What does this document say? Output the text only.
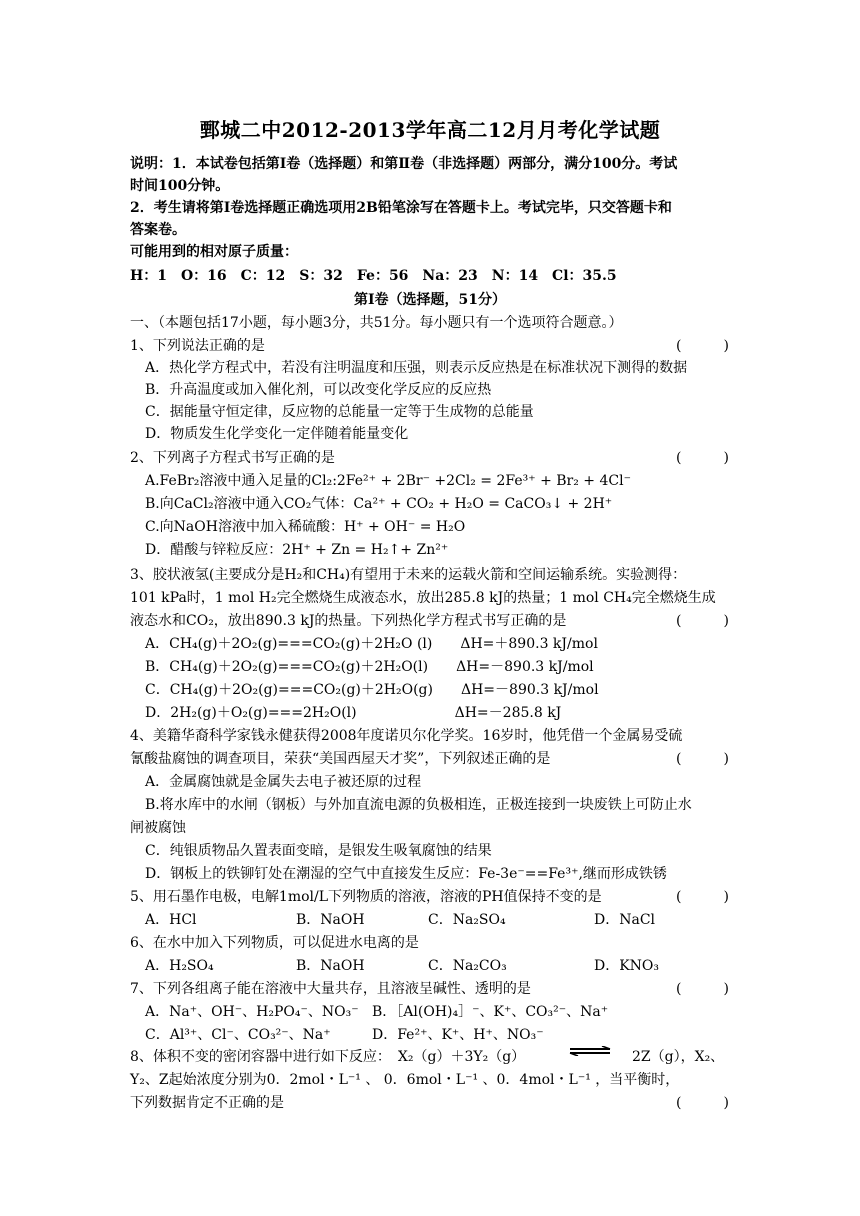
鄄城二中2012-2013学年高二12月月考化学试题
说明：1．本试卷包括第Ⅰ卷（选择题）和第Ⅱ卷（非选择题）两部分，满分100分。考试
时间100分钟。
2．考生请将第Ⅰ卷选择题正确选项用2B铅笔涂写在答题卡上。考试完毕，只交答题卡和
答案卷。
可能用到的相对原子质量：
H：1　O：16　C：12　S：32　Fe：56　Na：23　N：14　Cl：35.5
第Ⅰ卷（选择题，51分）
一、（本题包括17小题，每小题3分，共51分。每小题只有一个选项符合题意。）
1、下列说法正确的是	(　　　)
A．热化学方程式中，若没有注明温度和压强，则表示反应热是在标准状况下测得的数据
B．升高温度或加入催化剂，可以改变化学反应的反应热
C．据能量守恒定律，反应物的总能量一定等于生成物的总能量
D．物质发生化学变化一定伴随着能量变化
2、下列离子方程式书写正确的是	(　　　)
A.FeBr₂溶液中通入足量的Cl₂:2Fe²⁺ + 2Br⁻ +2Cl₂ = 2Fe³⁺ + Br₂ + 4Cl⁻
B.向CaCl₂溶液中通入CO₂气体：Ca²⁺ + CO₂ + H₂O = CaCO₃↓ + 2H⁺
C.向NaOH溶液中加入稀硫酸：H⁺ + OH⁻ = H₂O
D．醋酸与锌粒反应：2H⁺ + Zn = H₂↑+ Zn²⁺
3、胶状液氢(主要成分是H₂和CH₄)有望用于未来的运载火箭和空间运输系统。实验测得：
101 kPa时，1 mol H₂完全燃烧生成液态水，放出285.8 kJ的热量；1 mol CH₄完全燃烧生成
液态水和CO₂，放出890.3 kJ的热量。下列热化学方程式书写正确的是	(　　　)
A．CH₄(g)＋2O₂(g)===CO₂(g)＋2H₂O (l)　　ΔH=＋890.3 kJ/mol
B．CH₄(g)＋2O₂(g)===CO₂(g)＋2H₂O(l)　　ΔH=－890.3 kJ/mol
C．CH₄(g)＋2O₂(g)===CO₂(g)＋2H₂O(g)　　ΔH=－890.3 kJ/mol
D．2H₂(g)＋O₂(g)===2H₂O(l)　　　　　　　ΔH=－285.8 kJ
4、美籍华裔科学家钱永健获得2008年度诺贝尔化学奖。16岁时，他凭借一个金属易受硫
氰酸盐腐蚀的调查项目，荣获“美国西屋天才奖”，下列叙述正确的是	(　　　)
A．金属腐蚀就是金属失去电子被还原的过程
B.将水库中的水闸（钢板）与外加直流电源的负极相连，正极连接到一块废铁上可防止水
闸被腐蚀
C．纯银质物品久置表面变暗，是银发生吸氧腐蚀的结果
D．钢板上的铁铆钉处在潮湿的空气中直接发生反应：Fe-3e⁻==Fe³⁺,继而形成铁锈
5、用石墨作电极，电解1mol/L下列物质的溶液，溶液的PH值保持不变的是	(　　　)
A．HCl	B．NaOH	C．Na₂SO₄	D．NaCl
6、在水中加入下列物质，可以促进水电离的是
A．H₂SO₄	B．NaOH	C．Na₂CO₃	D．KNO₃
7、下列各组离子能在溶液中大量共存，且溶液呈碱性、透明的是	(　　　)
A．Na⁺、OH⁻、H₂PO₄⁻、NO₃⁻ B．［Al(OH)₄］⁻、K⁺、CO₃²⁻、Na⁺
C．Al³⁺、Cl⁻、CO₃²⁻、Na⁺	D．Fe²⁺、K⁺、H⁺、NO₃⁻
8、体积不变的密闭容器中进行如下反应：　X₂（g）＋3Y₂（g）	⇌ 2Z（g），X₂、
Y₂、Z起始浓度分别为0．2mol・L⁻¹ 、 0．6mol・L⁻¹ 、0．4mol・L⁻¹ ，当平衡时，
下列数据肯定不正确的是	(　　　)
